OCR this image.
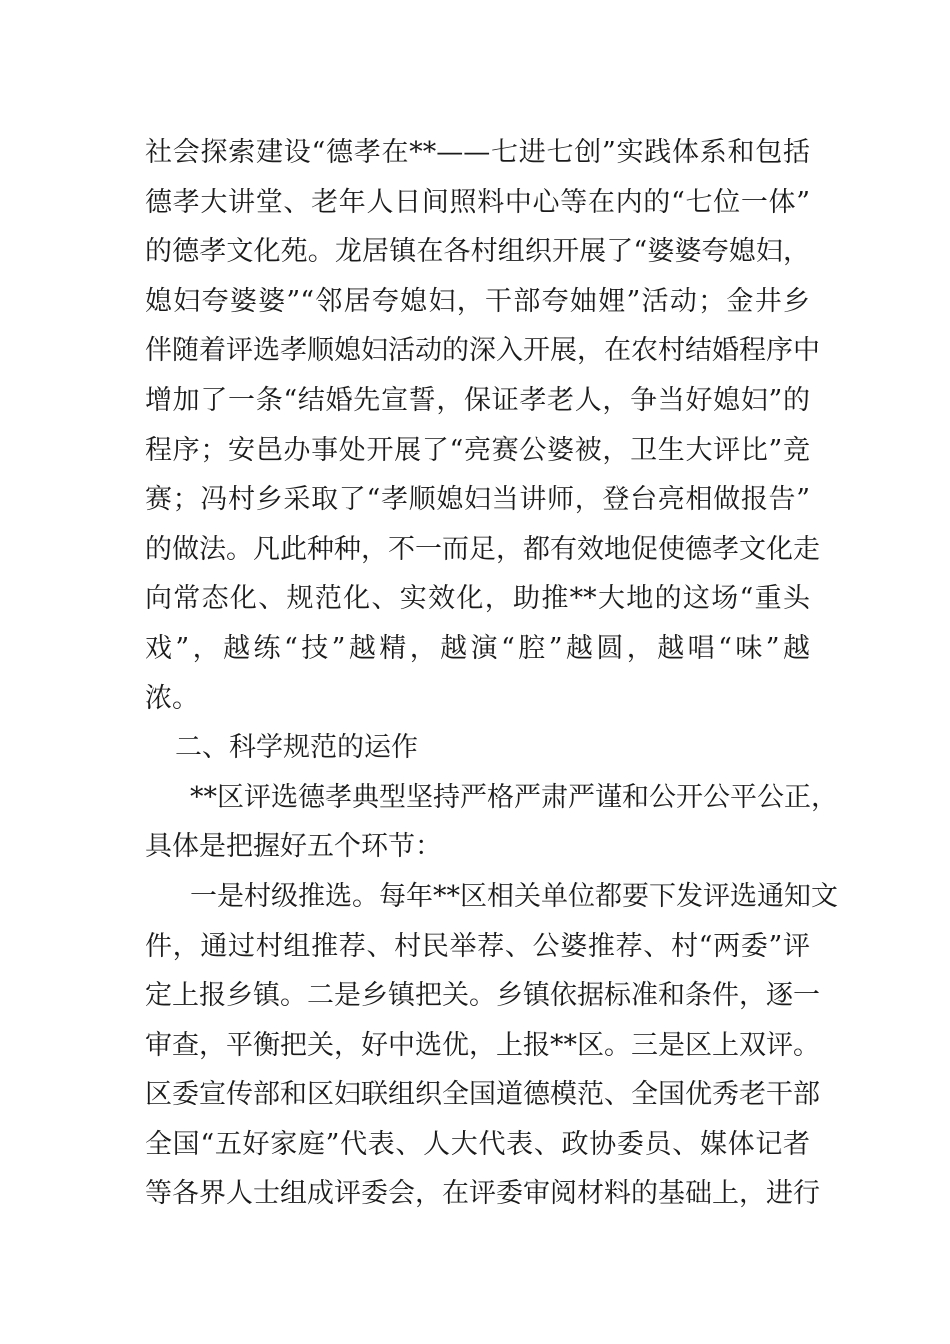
社会探索建设“德孝在**——七进七创”实践体系和包括
德孝大讲堂、老年人日间照料中心等在内的“七位一体”
的德孝文化苑。龙居镇在各村组织开展了“婆婆夸媳妇，
媳妇夸婆婆”“邻居夸媳妇，干部夸妯娌”活动；金井乡
伴随着评选孝顺媳妇活动的深入开展，在农村结婚程序中
增加了一条“结婚先宣誓，保证孝老人，争当好媳妇”的
程序；安邑办事处开展了“亮赛公婆被，卫生大评比”竞
赛；冯村乡采取了“孝顺媳妇当讲师，登台亮相做报告”
的做法。凡此种种，不一而足，都有效地促使德孝文化走
向常态化、规范化、实效化，助推**大地的这场“重头
戏”，越练“技”越精，越演“腔”越圆，越唱“味”越
浓。
二、科学规范的运作
**区评选德孝典型坚持严格严肃严谨和公开公平公正，
具体是把握好五个环节：
一是村级推选。每年**区相关单位都要下发评选通知文
件，通过村组推荐、村民举荐、公婆推荐、村“两委”评
定上报乡镇。二是乡镇把关。乡镇依据标准和条件，逐一
审查，平衡把关，好中选优，上报**区。三是区上双评。
区委宣传部和区妇联组织全国道德模范、全国优秀老干部
全国“五好家庭”代表、人大代表、政协委员、媒体记者
等各界人士组成评委会，在评委审阅材料的基础上，进行
